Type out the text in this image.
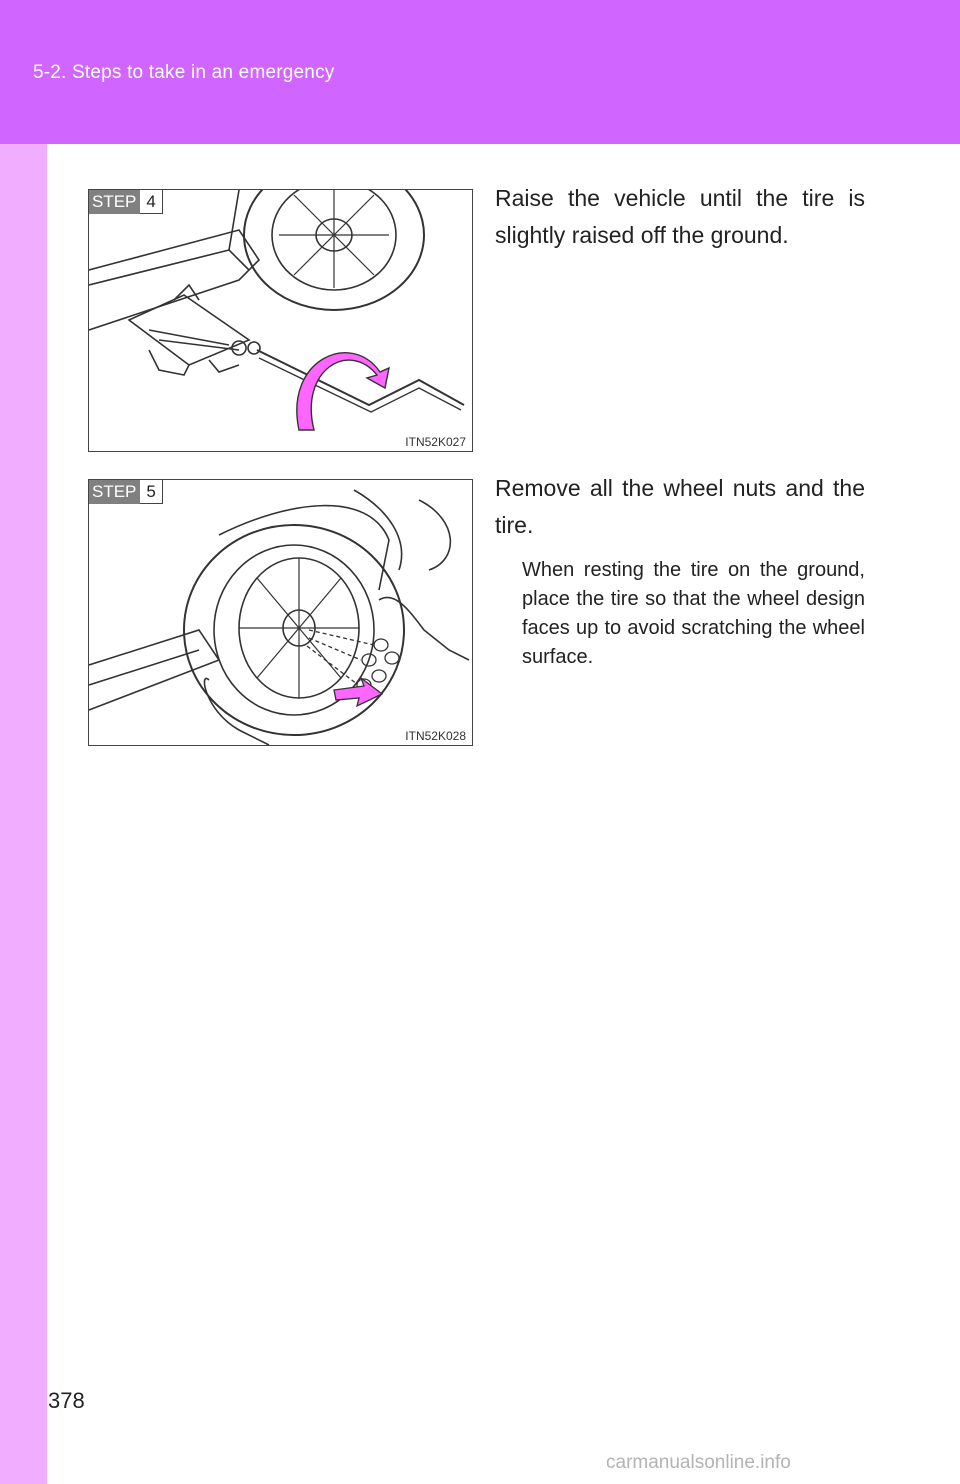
5-2. Steps to take in an emergency
STEP 4
ITN52K027
Raise the vehicle until the tire is slightly raised off the ground.
STEP 5
ITN52K028
Remove all the wheel nuts and the tire.
When resting the tire on the ground, place the tire so that the wheel design faces up to avoid scratching the wheel surface.
378
carmanualsonline.info
